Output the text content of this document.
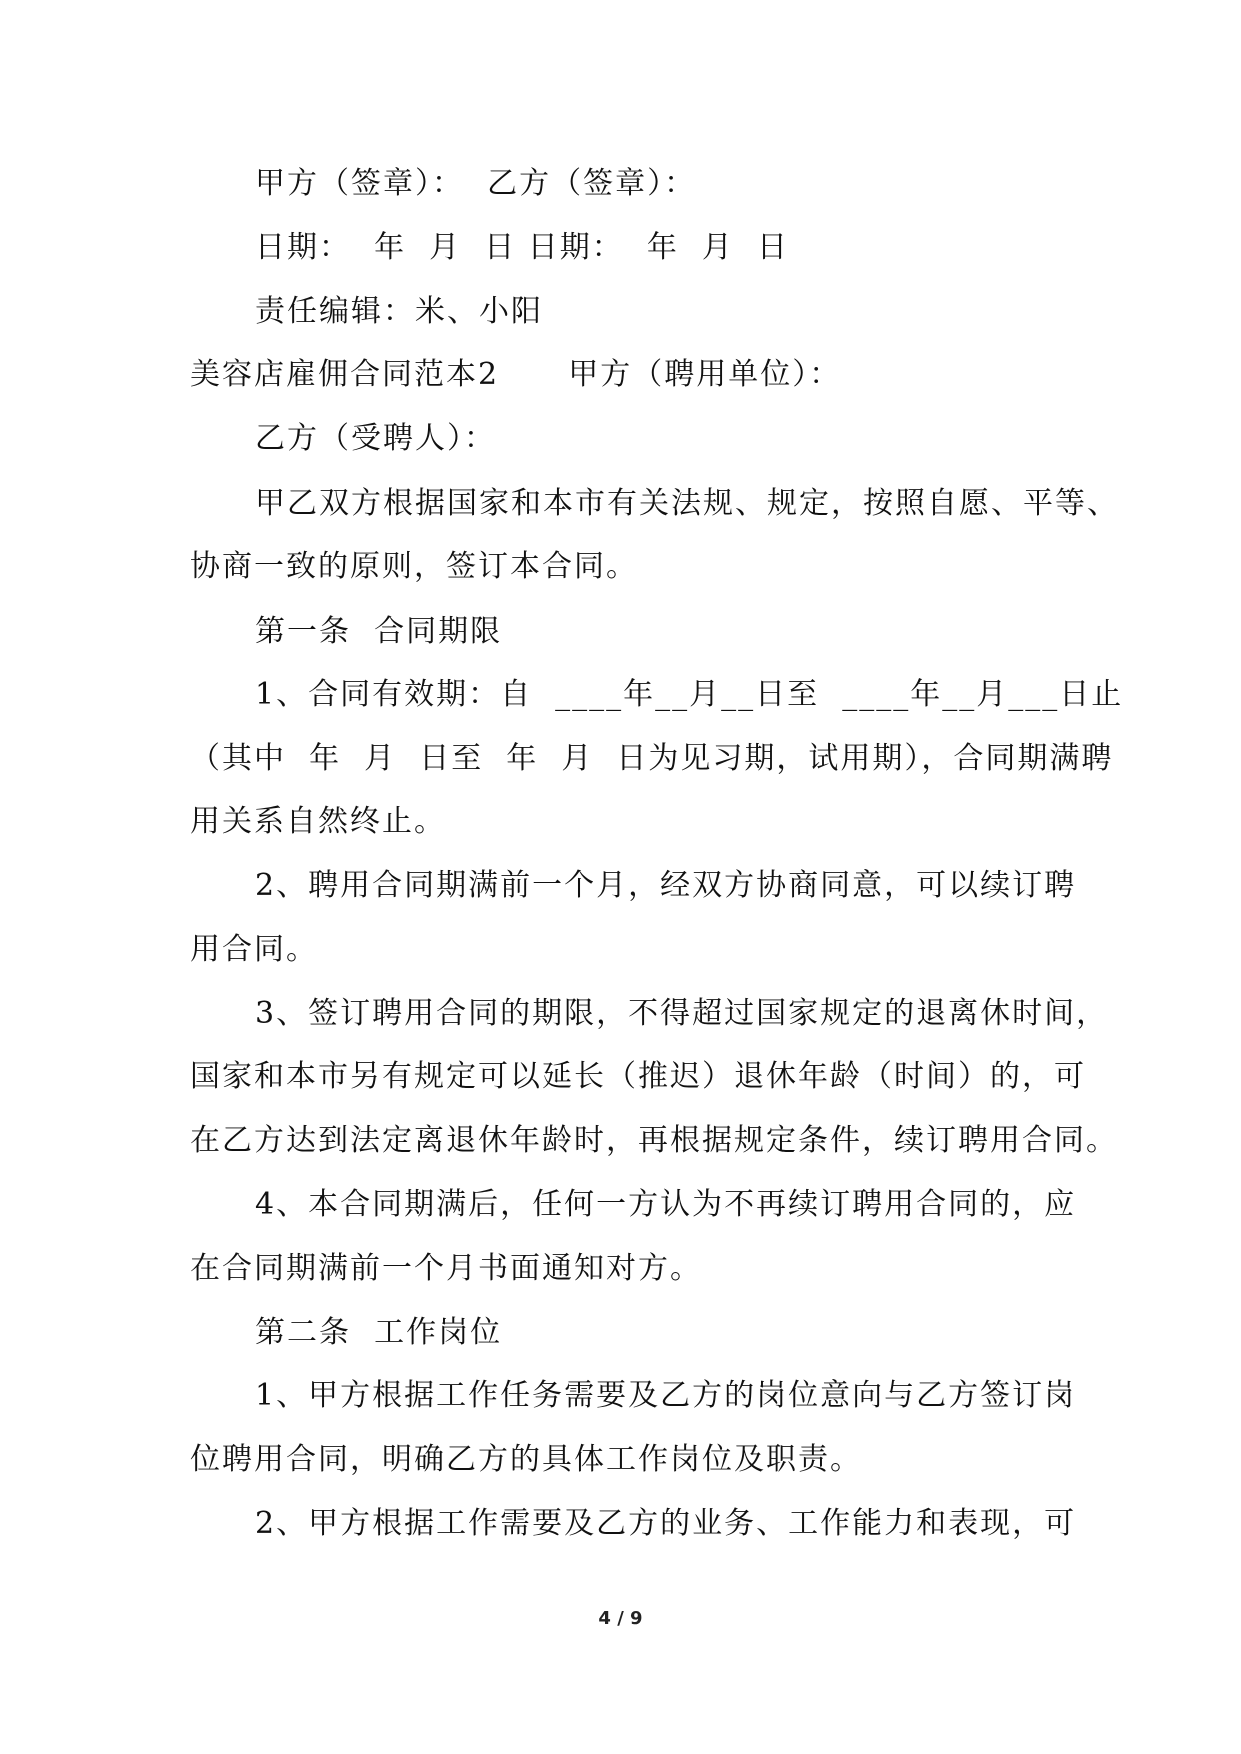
甲方（签章）：  乙方（签章）：
日期：  年  月  日 日期：  年  月  日
责任编辑：米、小阳
美容店雇佣合同范本2      甲方（聘用单位）：
乙方（受聘人）：
甲乙双方根据国家和本市有关法规、规定，按照自愿、平等、
协商一致的原则，签订本合同。
第一条  合同期限
1、合同有效期：自  ____年__月__日至  ____年__月___日止
（其中  年  月  日至  年  月  日为见习期，试用期），合同期满聘
用关系自然终止。
2、聘用合同期满前一个月，经双方协商同意，可以续订聘
用合同。
3、签订聘用合同的期限，不得超过国家规定的退离休时间，
国家和本市另有规定可以延长（推迟）退休年龄（时间）的，可
在乙方达到法定离退休年龄时，再根据规定条件，续订聘用合同。
4、本合同期满后，任何一方认为不再续订聘用合同的，应
在合同期满前一个月书面通知对方。
第二条  工作岗位
1、甲方根据工作任务需要及乙方的岗位意向与乙方签订岗
位聘用合同，明确乙方的具体工作岗位及职责。
2、甲方根据工作需要及乙方的业务、工作能力和表现，可
4 / 9
